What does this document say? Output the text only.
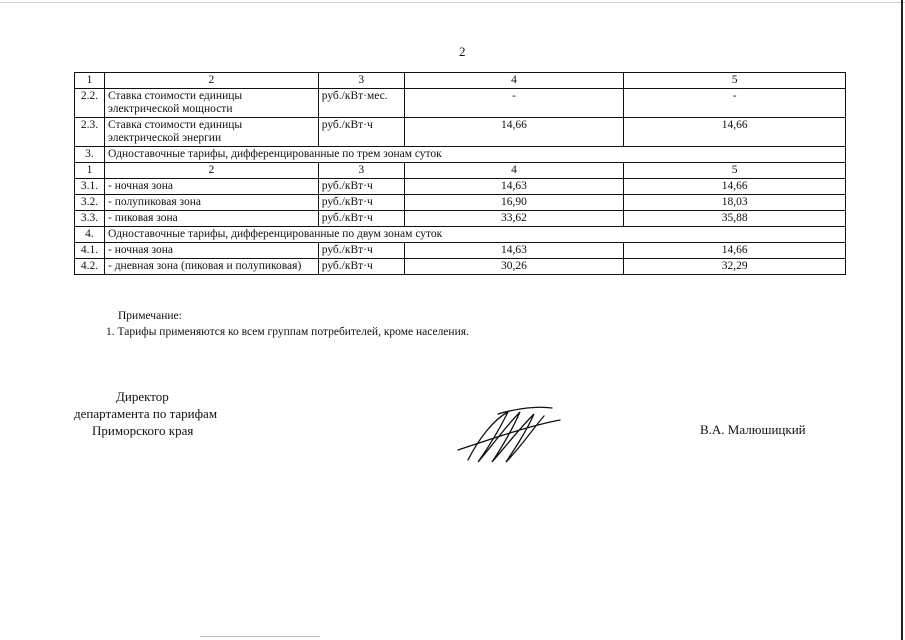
2
1	2	3	4	5
2.2.	Ставка стоимости единицы электрической мощности	руб./кВт·мес.	-	-
2.3.	Ставка стоимости единицы электрической энергии	руб./кВт·ч	14,66	14,66
3.	Одноставочные тарифы, дифференцированные по трем зонам суток			
1	2	3	4	5
3.1.	- ночная зона	руб./кВт·ч	14,63	14,66
3.2.	- полупиковая зона	руб./кВт·ч	16,90	18,03
3.3.	- пиковая зона	руб./кВт·ч	33,62	35,88
4.	Одноставочные тарифы, дифференцированные по двум зонам суток			
4.1.	- ночная зона	руб./кВт·ч	14,63	14,66
4.2.	- дневная зона (пиковая и полупиковая)	руб./кВт·ч	30,26	32,29
Примечание:
1. Тарифы применяются ко всем группам потребителей, кроме населения.
Директор
департамента по тарифам
Приморского края	В.А. Малюшицкий
